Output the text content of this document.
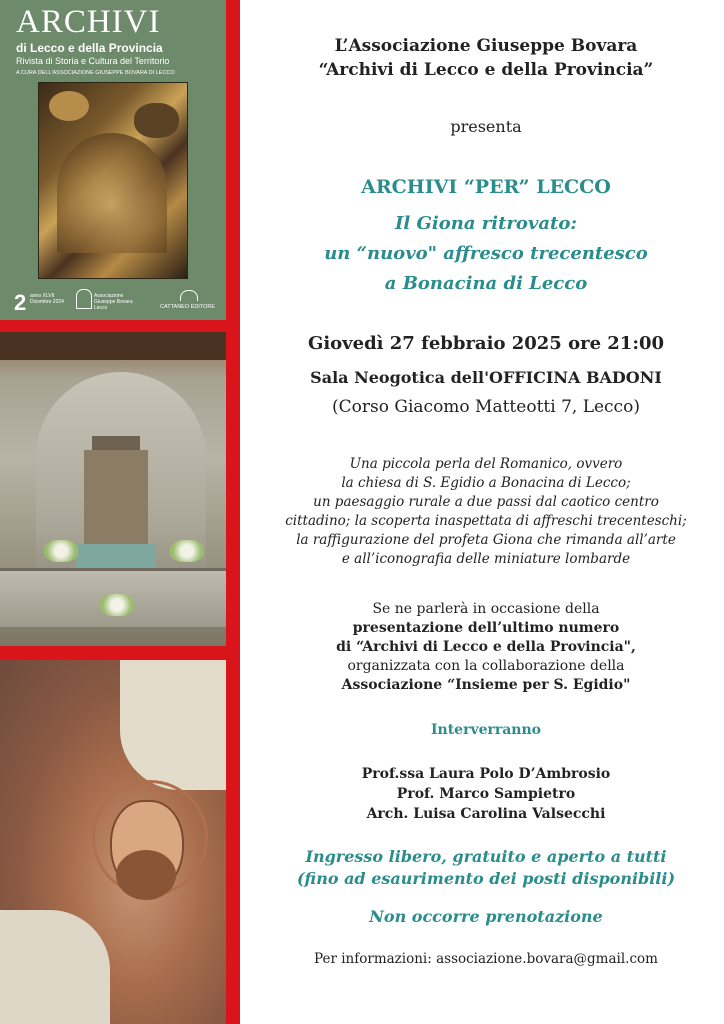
ARCHIVI
di Lecco e della Provincia
Rivista di Storia e Cultura del Territorio
A CURA DELL'ASSOCIAZIONE GIUSEPPE BOVARA DI LECCO
2 anno XLVII Dicembre 2024
Associazione Giuseppe Bovara Lecco	CATTANEO EDITORE
L’Associazione Giuseppe Bovara
“Archivi di Lecco e della Provincia”
presenta
ARCHIVI “PER” LECCO
Il Giona ritrovato:
un “nuovo" affresco trecentesco
a Bonacina di Lecco
Giovedì 27 febbraio 2025 ore 21:00
Sala Neogotica dell'OFFICINA BADONI
(Corso Giacomo Matteotti 7, Lecco)
Una piccola perla del Romanico, ovvero
la chiesa di S. Egidio a Bonacina di Lecco;
un paesaggio rurale a due passi dal caotico centro
cittadino; la scoperta inaspettata di affreschi trecenteschi;
la raffigurazione del profeta Giona che rimanda all’arte
e all’iconografia delle miniature lombarde
Se ne parlerà in occasione della
presentazione dell’ultimo numero
di “Archivi di Lecco e della Provincia",
organizzata con la collaborazione della
Associazione “Insieme per S. Egidio"
Interverranno
Prof.ssa Laura Polo D’Ambrosio
Prof. Marco Sampietro
Arch. Luisa Carolina Valsecchi
Ingresso libero, gratuito e aperto a tutti
(fino ad esaurimento dei posti disponibili)
Non occorre prenotazione
Per informazioni: associazione.bovara@gmail.com
